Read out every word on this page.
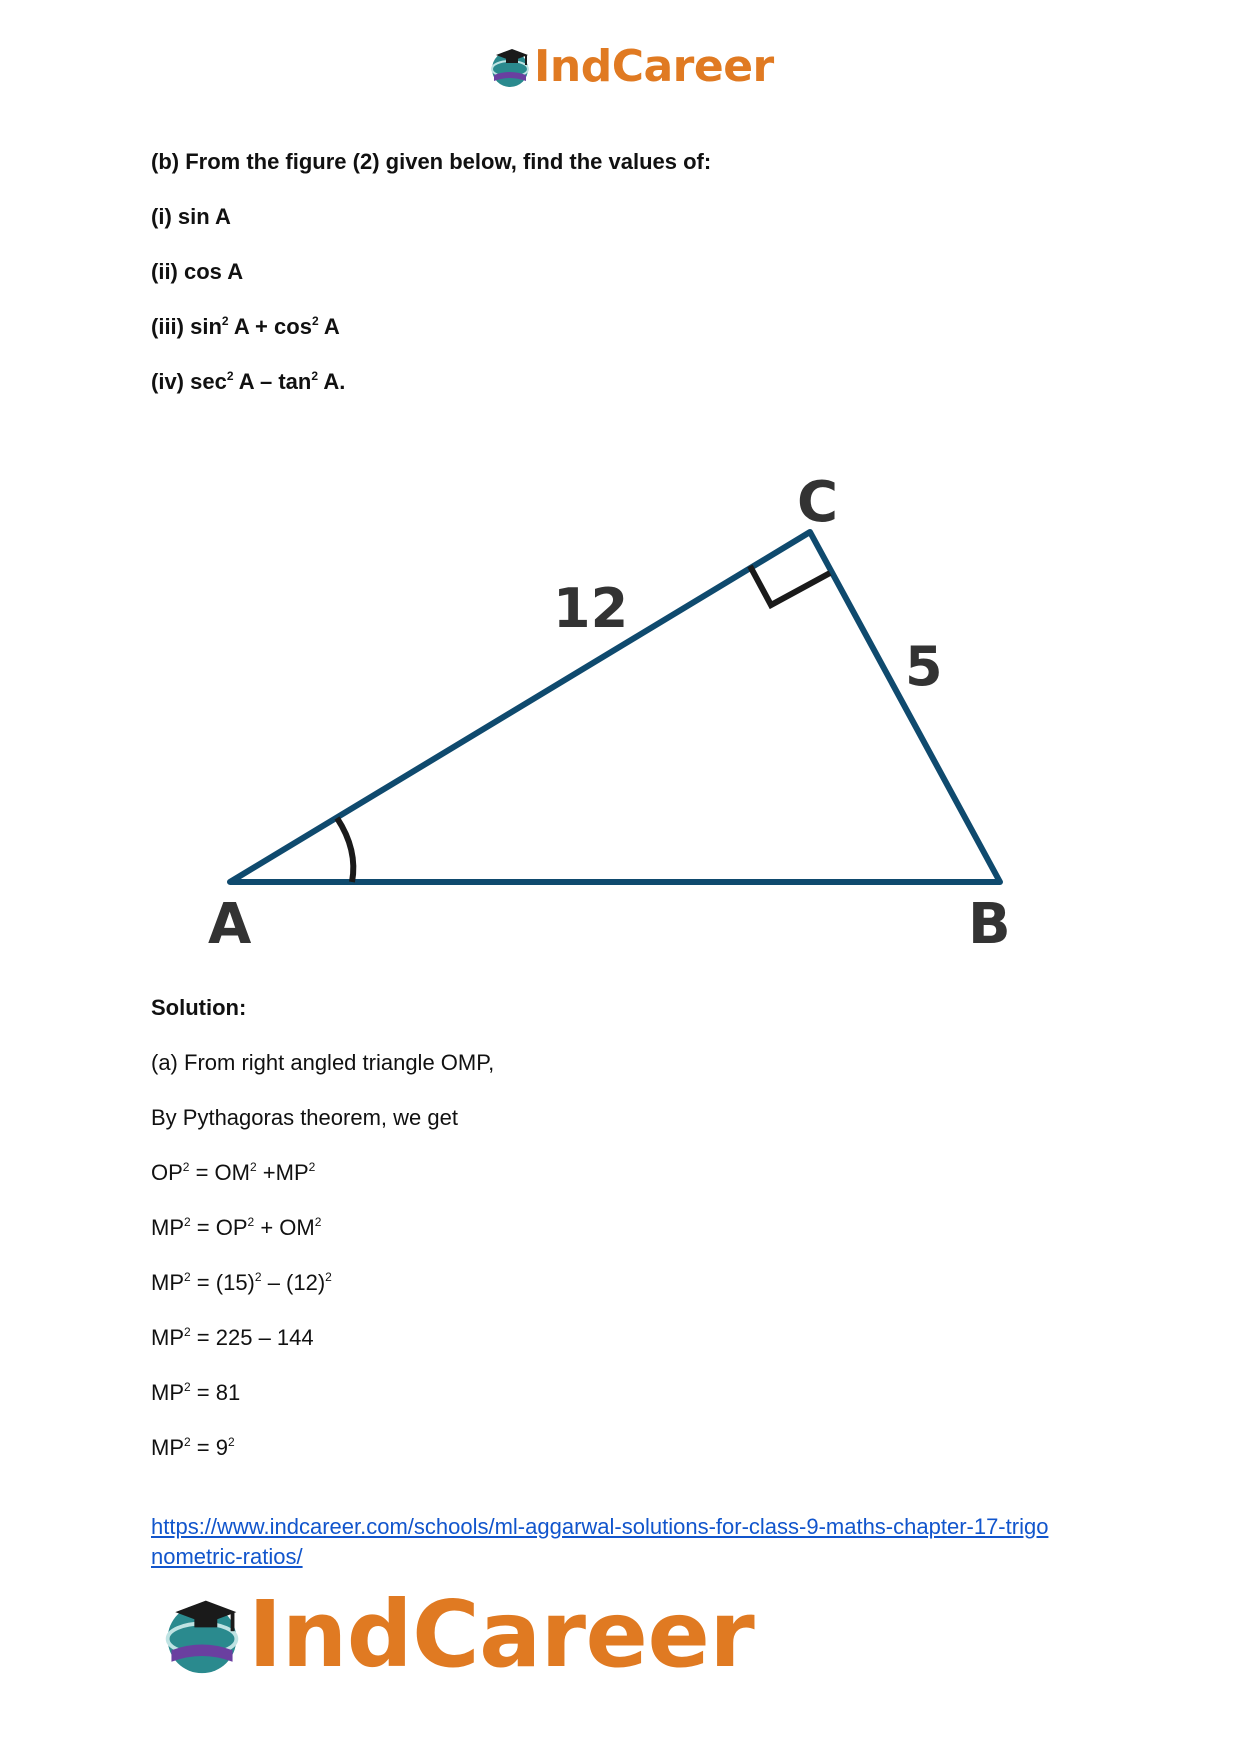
IndCareer
(b) From the figure (2) given below, find the values of:
(i) sin A
(ii) cos A
(iii) $\sin^2 A + \cos^2 A$
(iv) $\sec^2 A - \tan^2 A$.
A	B
C
12
5
Solution:
(a) From right angled triangle OMP,
By Pythagoras theorem, we get
$OP^2 = OM^2 +MP^2$
$MP^2 = OP^2 + OM^2$
$MP^2 = (15)^2 - (12)^2$
$MP^2 = 225 - 144$
$MP^2 = 81$
$MP^2 = 9^2$
https://www.indcareer.com/schools/ml-aggarwal-solutions-for-class-9-maths-chapter-17-trigo
nometric-ratios/
IndCareer
